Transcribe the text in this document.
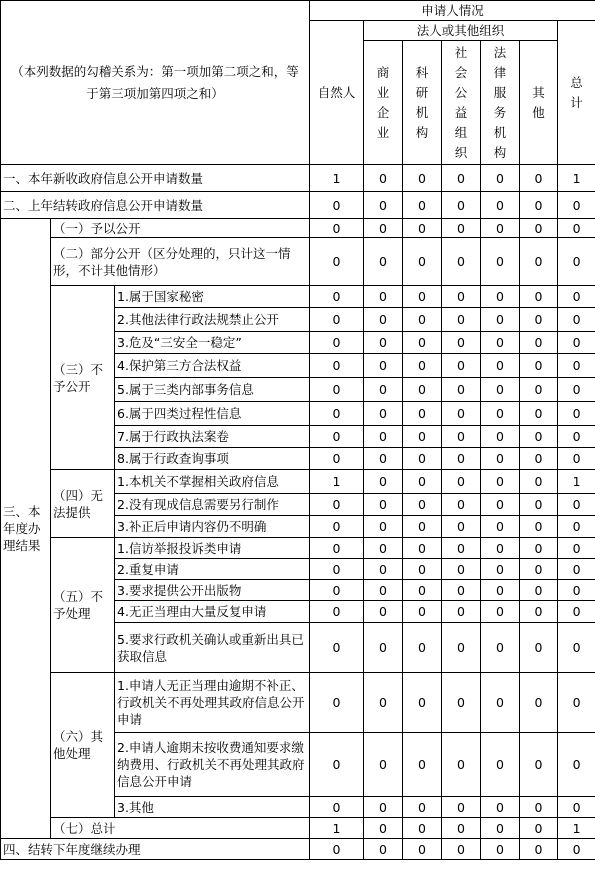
（本列数据的勾稽关系为：第一项加第二项之和，等于第三项加第四项之和）			申请人情况						
			自然人	法人或其他组织					总计
				商业企业	科研机构	社会公益组织	法律服务机构	其他	
一、本年新收政府信息公开申请数量			1	0	0	0	0	0	1
二、上年结转政府信息公开申请数量			0	0	0	0	0	0	0
三、本年度办理结果	（一）予以公开		0	0	0	0	0	0	0
	（二）部分公开（区分处理的，只计这一情形，不计其他情形）		0	0	0	0	0	0	0
	（三）不予公开	1.属于国家秘密	0	0	0	0	0	0	0
		2.其他法律行政法规禁止公开	0	0	0	0	0	0	0
		3.危及“三安全一稳定”	0	0	0	0	0	0	0
		4.保护第三方合法权益	0	0	0	0	0	0	0
		5.属于三类内部事务信息	0	0	0	0	0	0	0
		6.属于四类过程性信息	0	0	0	0	0	0	0
		7.属于行政执法案卷	0	0	0	0	0	0	0
		8.属于行政查询事项	0	0	0	0	0	0	0
	（四）无法提供	1.本机关不掌握相关政府信息	1	0	0	0	0	0	1
		2.没有现成信息需要另行制作	0	0	0	0	0	0	0
		3.补正后申请内容仍不明确	0	0	0	0	0	0	0
	（五）不予处理	1.信访举报投诉类申请	0	0	0	0	0	0	0
		2.重复申请	0	0	0	0	0	0	0
		3.要求提供公开出版物	0	0	0	0	0	0	0
		4.无正当理由大量反复申请	0	0	0	0	0	0	0
		5.要求行政机关确认或重新出具已获取信息	0	0	0	0	0	0	0
	（六）其他处理	1.申请人无正当理由逾期不补正、行政机关不再处理其政府信息公开申请	0	0	0	0	0	0	0
		2.申请人逾期未按收费通知要求缴纳费用、行政机关不再处理其政府信息公开申请	0	0	0	0	0	0	0
		3.其他	0	0	0	0	0	0	0
	（七）总计		1	0	0	0	0	0	1
四、结转下年度继续办理			0	0	0	0	0	0	0
